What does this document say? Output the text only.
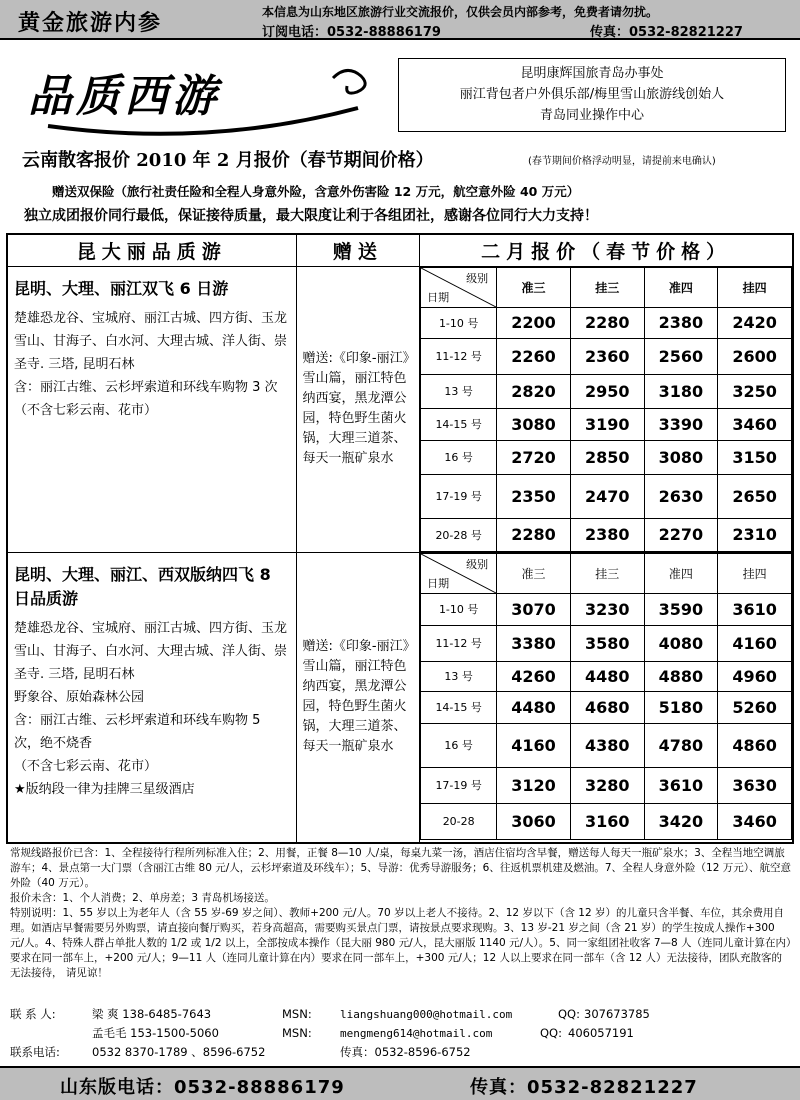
黄金旅游内参	本信息为山东地区旅游行业交流报价，仅供会员内部参考，免费者请勿扰。
订阅电话：0532-88886179	传真：0532-82821227
品质西游	昆明康辉国旅青岛办事处
丽江背包者户外俱乐部/梅里雪山旅游线创始人
青岛同业操作中心
云南散客报价 2010 年 2 月报价（春节期间价格）	(春节期间价格浮动明显，请提前来电确认)
赠送双保险（旅行社责任险和全程人身意外险，含意外伤害险 12 万元，航空意外险 40 万元）
独立成团报价同行最低，保证接待质量，最大限度让利于各组团社，感谢各位同行大力支持！
昆大丽品质游	赠送	二月报价（春节价格）

昆明、大理、丽江双飞 6 日游
楚雄恐龙谷、宝城府、丽江古城、四方街、玉龙雪山、甘海子、白水河、大理古城、洋人街、崇圣寺. 三塔, 昆明石林
含：丽江古维、云杉坪索道和环线车购物 3 次（不含七彩云南、花市）
	赠送:《印象-丽江》雪山篇，丽江特色纳西宴，黑龙潭公园，特色野生菌火锅，大理三道茶、每天一瓶矿泉水	
级别
日期
	准三	挂三	准四	挂四
1-10 号	2200	2280	2380	2420
11-12 号	2260	2360	2560	2600
13 号	2820	2950	3180	3250
14-15 号	3080	3190	3390	3460
16 号	2720	2850	3080	3150
17-19 号	2350	2470	2630	2650
20-28 号	2280	2380	2270	2310

昆明、大理、丽江、西双版纳四飞 8 日品质游
楚雄恐龙谷、宝城府、丽江古城、四方街、玉龙雪山、甘海子、白水河、大理古城、洋人街、崇圣寺. 三塔, 昆明石林
野象谷、原始森林公园
含：丽江古维、云杉坪索道和环线车购物 5 次，绝不烧香
（不含七彩云南、花市）
★版纳段一律为挂牌三星级酒店
	赠送:《印象-丽江》雪山篇，丽江特色纳西宴，黑龙潭公园，特色野生菌火锅，大理三道茶、每天一瓶矿泉水	
级别
日期
	准三	挂三	准四	挂四
1-10 号	3070	3230	3590	3610
11-12 号	3380	3580	4080	4160
13 号	4260	4480	4880	4960
14-15 号	4480	4680	5180	5260
16 号	4160	4380	4780	4860
17-19 号	3120	3280	3610	3630
20-28	3060	3160	3420	3460
常规线路报价已含：1、全程接待行程所列标准入住；2、用餐，正餐 8—10 人/桌，每桌九菜一汤，酒店住宿均含早餐，赠送每人每天一瓶矿泉水；3、全程当地空调旅游车；4、景点第一大门票（含丽江古维 80 元/人，云杉坪索道及环线车）；5、导游：优秀导游服务；6、往返机票机建及燃油。7、全程人身意外险（12 万元）、航空意外险（40 万元）。
报价未含：1、个人消费；2、单房差；3 青岛机场接送。
特别说明：1、55 岁以上为老年人（含 55 岁-69 岁之间）、教师+200 元/人。70 岁以上老人不接待。2、12 岁以下（含 12 岁）的儿童只含半餐、车位，其余费用自理。如酒店早餐需要另外购票，请直接向餐厅购买，若身高超高，需要购买景点门票，请按景点要求现购。3、13 岁-21 岁之间（含 21 岁）的学生按成人操作+300 元/人。4、特殊人群占单批人数的 1/2 或 1/2 以上，全部按成本操作（昆大丽 980 元/人，昆大丽版 1140 元/人）。5、同一家组团社收客 7—8 人（连同儿童计算在内）要求在同一部车上，+200 元/人；9—11 人（连同儿童计算在内）要求在同一部车上，+300 元/人；12 人以上要求在同一部车（含 12 人）无法接待，团队充散客的无法接待， 请见谅！
联 系 人:	梁 爽 138-6485-7643	MSN:	liangshuang000@hotmail.com	QQ: 307673785
孟毛毛 153-1500-5060	MSN:	mengmeng614@hotmail.com	QQ: 406057191
联系电话:	0532 8370-1789 、8596-6752	传真：0532-8596-6752
山东版电话：0532-88886179	传真：0532-82821227
